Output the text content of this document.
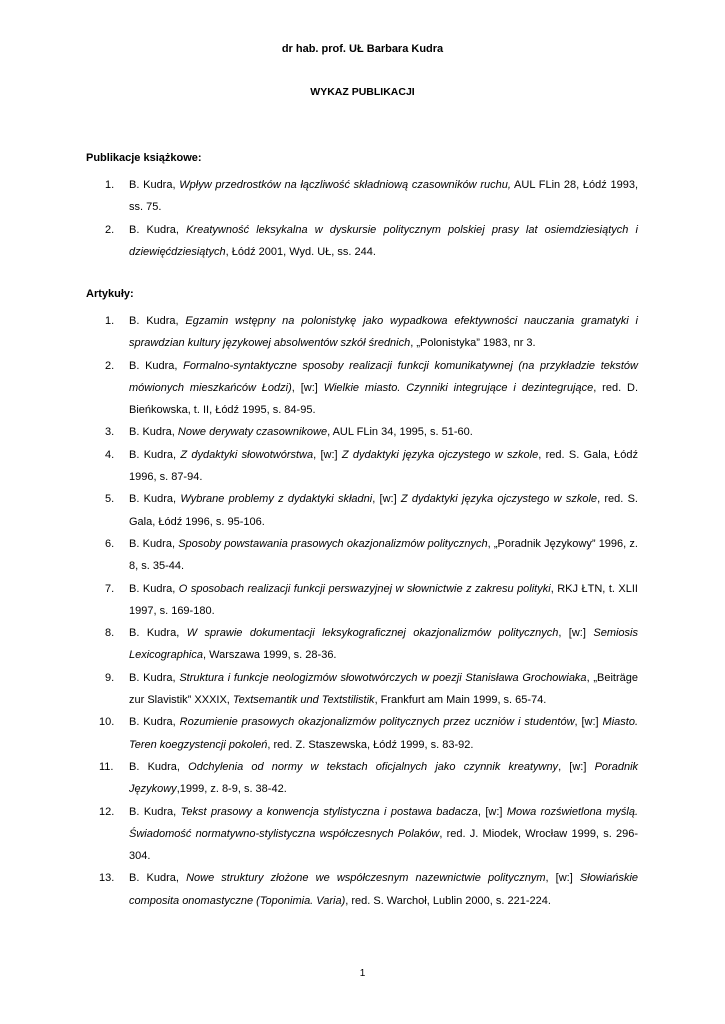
dr hab. prof. UŁ Barbara Kudra
WYKAZ PUBLIKACJI
Publikacje książkowe:
1. B. Kudra, Wpływ przedrostków na łączliwość składniową czasowników ruchu, AUL FLin 28, Łódź 1993, ss. 75.
2. B. Kudra, Kreatywność leksykalna w dyskursie politycznym polskiej prasy lat osiemdziesiątych i dziewięćdziesiątych, Łódź 2001, Wyd. UŁ, ss. 244.
Artykuły:
1. B. Kudra, Egzamin wstępny na polonistykę jako wypadkowa efektywności nauczania gramatyki i sprawdzian kultury językowej absolwentów szkół średnich, „Polonistyka” 1983, nr 3.
2. B. Kudra, Formalno-syntaktyczne sposoby realizacji funkcji komunikatywnej (na przykładzie tekstów mówionych mieszkańców Łodzi), [w:] Wielkie miasto. Czynniki integrujące i dezintegrujące, red. D. Bieńkowska, t. II, Łódź 1995, s. 84-95.
3. B. Kudra, Nowe derywaty czasownikowe, AUL FLin 34, 1995, s. 51-60.
4. B. Kudra, Z dydaktyki słowotwórstwa, [w:] Z dydaktyki języka ojczystego w szkole, red. S. Gala, Łódź 1996, s. 87-94.
5. B. Kudra, Wybrane problemy z dydaktyki składni, [w:] Z dydaktyki języka ojczystego w szkole, red. S. Gala, Łódź 1996, s. 95-106.
6. B. Kudra, Sposoby powstawania prasowych okazjonalizmów politycznych, „Poradnik Językowy” 1996, z. 8, s. 35-44.
7. B. Kudra, O sposobach realizacji funkcji perswazyjnej w słownictwie z zakresu polityki, RKJ ŁTN, t. XLII 1997, s. 169-180.
8. B. Kudra, W sprawie dokumentacji leksykograficznej okazjonalizmów politycznych, [w:] Semiosis Lexicographica, Warszawa 1999, s. 28-36.
9. B. Kudra, Struktura i funkcje neologizmów słowotwórczych w poezji Stanisława Grochowiaka, „Beiträge zur Slavistik” XXXIX, Textsemantik und Textstilistik, Frankfurt am Main 1999, s. 65-74.
10. B. Kudra, Rozumienie prasowych okazjonalizmów politycznych przez uczniów i studentów, [w:] Miasto. Teren koegzystencji pokoleń, red. Z. Staszewska, Łódź 1999, s. 83-92.
11. B. Kudra, Odchylenia od normy w tekstach oficjalnych jako czynnik kreatywny, [w:] Poradnik Językowy,1999, z. 8-9, s. 38-42.
12. B. Kudra, Tekst prasowy a konwencja stylistyczna i postawa badacza, [w:] Mowa rozświetlona myślą. Świadomość normatywno-stylistyczna współczesnych Polaków, red. J. Miodek, Wrocław 1999, s. 296-304.
13. B. Kudra, Nowe struktury złożone we współczesnym nazewnictwie politycznym, [w:] Słowiańskie composita onomastyczne (Toponimia. Varia), red. S. Warchoł, Lublin 2000, s. 221-224.
1
